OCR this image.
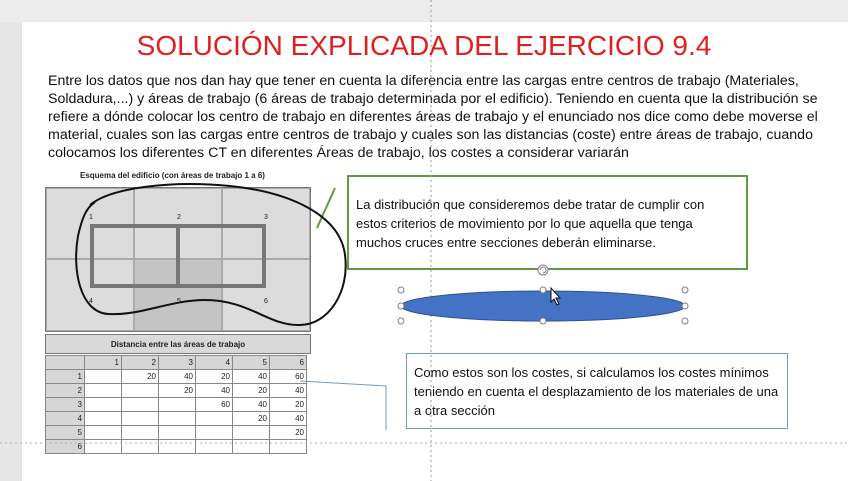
SOLUCIÓN EXPLICADA DEL EJERCICIO 9.4
Entre los datos que nos dan hay que tener en cuenta la diferencia entre las cargas entre centros de trabajo (Materiales, Soldadura,...) y áreas de trabajo (6 áreas de trabajo determinada por el edificio). Teniendo en cuenta que la distribución se refiere a dónde colocar los centro de trabajo en diferentes áreas de trabajo y el enunciado nos dice como debe moverse el material, cuales son las cargas entre centros de trabajo y cuales son las distancias (coste) entre áreas de trabajo, cuando colocamos los diferentes CT en diferentes Áreas de trabajo, los costes a considerar variarán
Esquema del edificio (con áreas de trabajo 1 a 6)
1	2	3
4	5	6
Distancia entre las áreas de trabajo
	1	2	3	4	5	6
1		20	40	20	40	60
2			20	40	20	40
3				60	40	20
4					20	40
5						20
6						
La distribución que consideremos debe tratar de cumplir con estos criterios de movimiento por lo que aquella que tenga muchos cruces entre secciones deberán eliminarse.
Como estos son los costes, si calculamos los costes mínimos teniendo en cuenta el desplazamiento de los materiales de una a otra sección
